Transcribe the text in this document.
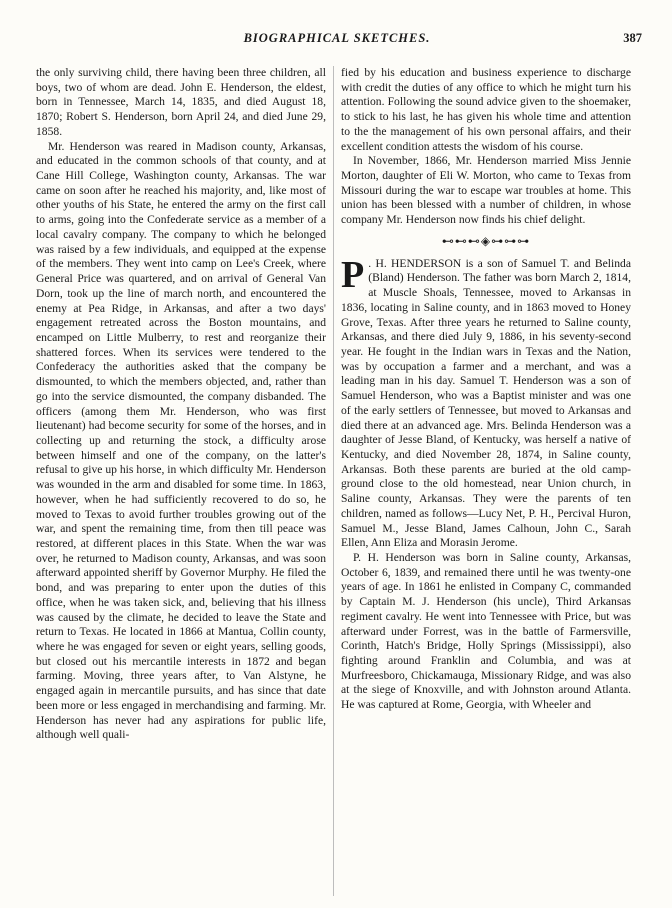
BIOGRAPHICAL SKETCHES.	387

the only surviving child, there having been three children, all boys, two of whom are dead. John E. Henderson, the eldest, born in Tennessee, March 14, 1835, and died August 18, 1870; Robert S. Henderson, born April 24, and died June 29, 1858.

Mr. Henderson was reared in Madison county, Arkansas, and educated in the common schools of that county, and at Cane Hill College, Washington county, Arkansas. The war came on soon after he reached his majority, and, like most of other youths of his State, he entered the army on the first call to arms, going into the Confederate service as a member of a local cavalry company. The company to which he belonged was raised by a few individuals, and equipped at the expense of the members. They went into camp on Lee's Creek, where General Price was quartered, and on arrival of General Van Dorn, took up the line of march north, and encountered the enemy at Pea Ridge, in Arkansas, and after a two days' engagement retreated across the Boston mountains, and encamped on Little Mulberry, to rest and reorganize their shattered forces. When its services were tendered to the Confederacy the authorities asked that the company be dismounted, to which the members objected, and, rather than go into the service dismounted, the company disbanded. The officers (among them Mr. Henderson, who was first lieutenant) had become security for some of the horses, and in collecting up and returning the stock, a difficulty arose between himself and one of the company, on the latter's refusal to give up his horse, in which difficulty Mr. Henderson was wounded in the arm and disabled for some time. In 1863, however, when he had sufficiently recovered to do so, he moved to Texas to avoid further troubles growing out of the war, and spent the remaining time, from then till peace was restored, at different places in this State. When the war was over, he returned to Madison county, Arkansas, and was soon afterward appointed sheriff by Governor Murphy. He filed the bond, and was preparing to enter upon the duties of this office, when he was taken sick, and, believing that his illness was caused by the climate, he decided to leave the State and return to Texas. He located in 1866 at Mantua, Collin county, where he was engaged for seven or eight years, selling goods, but closed out his mercantile interests in 1872 and began farming. Moving, three years after, to Van Alstyne, he engaged again in mercantile pursuits, and has since that date been more or less engaged in merchandising and farming. Mr. Henderson has never had any aspirations for public life, although well quali-

fied by his education and business experience to discharge with credit the duties of any office to which he might turn his attention. Following the sound advice given to the shoemaker, to stick to his last, he has given his whole time and attention to the the management of his own personal affairs, and their excellent condition attests the wisdom of his course.

In November, 1866, Mr. Henderson married Miss Jennie Morton, daughter of Eli W. Morton, who came to Texas from Missouri during the war to escape war troubles at home. This union has been blessed with a number of children, in whose company Mr. Henderson now finds his chief delight.

⊷⊷⊷◈⊶⊶⊶

P . H. HENDERSON is a son of Samuel T. and Belinda (Bland) Henderson. The father was born March 2, 1814, at Muscle Shoals, Tennessee, moved to Arkansas in 1836, locating in Saline county, and in 1863 moved to Honey Grove, Texas. After three years he returned to Saline county, Arkansas, and there died July 9, 1886, in his seventy-second year. He fought in the Indian wars in Texas and the Nation, was by occupation a farmer and a merchant, and was a leading man in his day. Samuel T. Henderson was a son of Samuel Henderson, who was a Baptist minister and was one of the early settlers of Tennessee, but moved to Arkansas and died there at an advanced age. Mrs. Belinda Henderson was a daughter of Jesse Bland, of Kentucky, was herself a native of Kentucky, and died November 28, 1874, in Saline county, Arkansas. Both these parents are buried at the old camp-ground close to the old homestead, near Union church, in Saline county, Arkansas. They were the parents of ten children, named as follows—Lucy Net, P. H., Percival Huron, Samuel M., Jesse Bland, James Calhoun, John C., Sarah Ellen, Ann Eliza and Morasin Jerome.

P. H. Henderson was born in Saline county, Arkansas, October 6, 1839, and remained there until he was twenty-one years of age. In 1861 he enlisted in Company C, commanded by Captain M. J. Henderson (his uncle), Third Arkansas regiment cavalry. He went into Tennessee with Price, but was afterward under Forrest, was in the battle of Farmersville, Corinth, Hatch's Bridge, Holly Springs (Mississippi), also fighting around Franklin and Columbia, and was at Murfreesboro, Chickamauga, Missionary Ridge, and was also at the siege of Knoxville, and with Johnston around Atlanta. He was captured at Rome, Georgia, with Wheeler and
